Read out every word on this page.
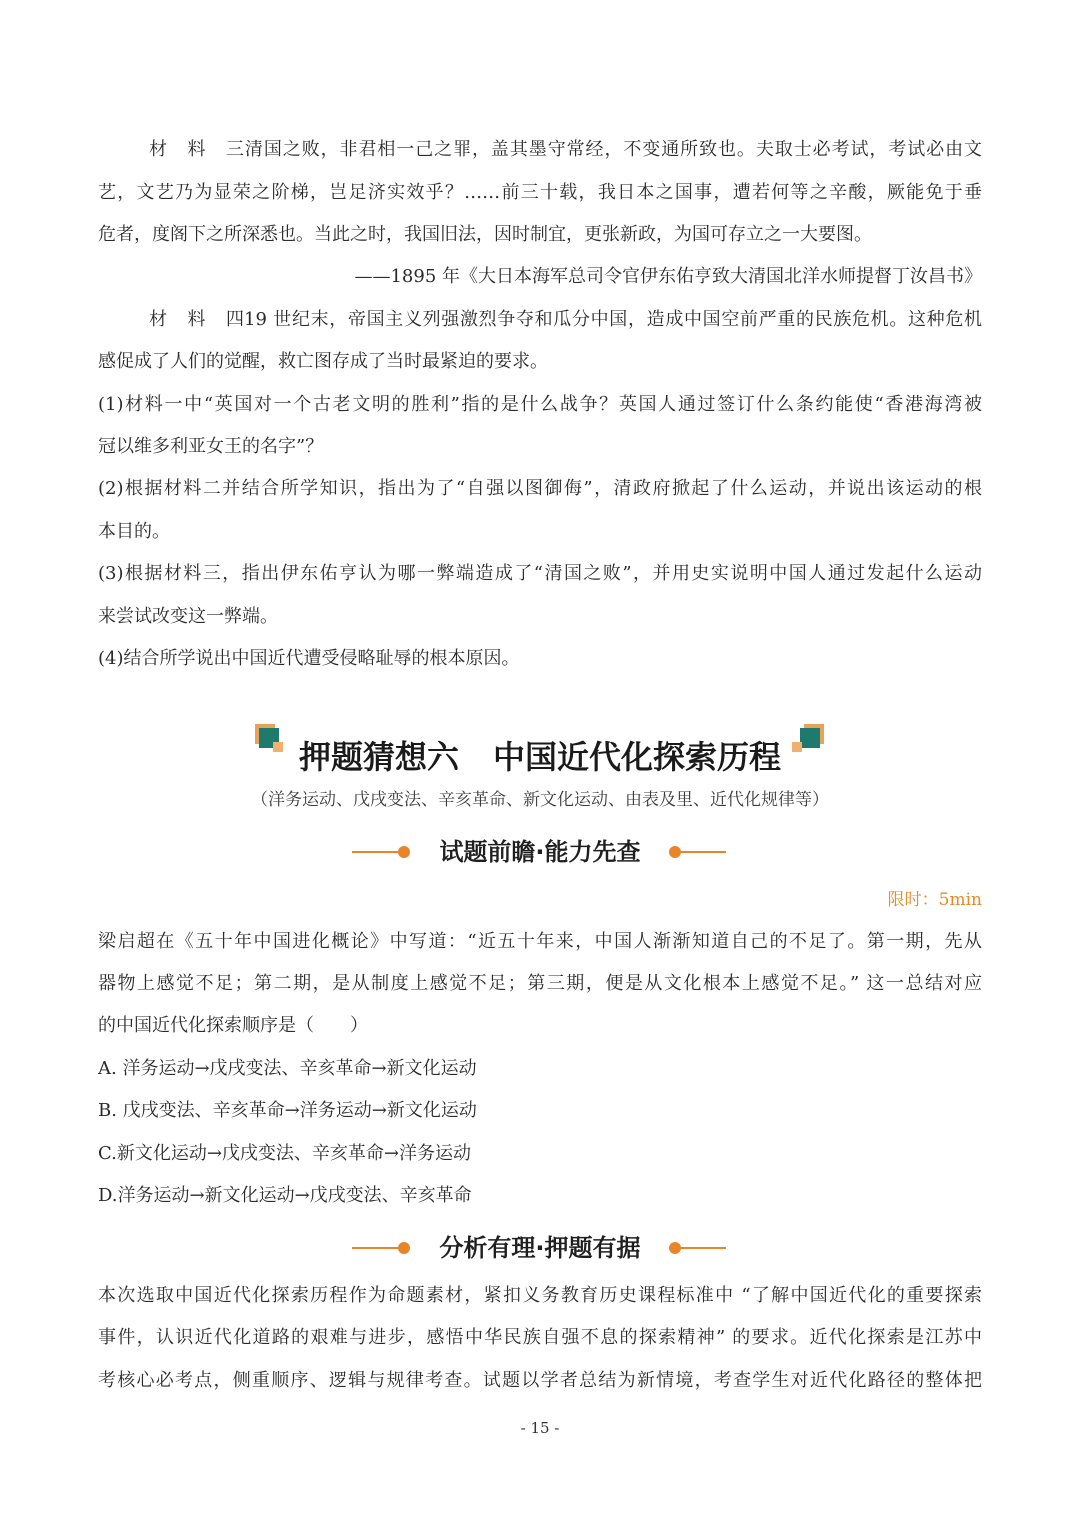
材料三清国之败，非君相一己之罪，盖其墨守常经，不变通所致也。夫取士必考试，考试必由文
艺，文艺乃为显荣之阶梯，岂足济实效乎？……前三十载，我日本之国事，遭若何等之辛酸，厥能免于垂
危者，度阁下之所深悉也。当此之时，我国旧法，因时制宜，更张新政，为国可存立之一大要图。
——1895 年《大日本海军总司令官伊东佑亨致大清国北洋水师提督丁汝昌书》
材料四19 世纪末，帝国主义列强激烈争夺和瓜分中国，造成中国空前严重的民族危机。这种危机
感促成了人们的觉醒，救亡图存成了当时最紧迫的要求。
(1)材料一中“英国对一个古老文明的胜利”指的是什么战争？英国人通过签订什么条约能使“香港海湾被
冠以维多利亚女王的名字”？
(2)根据材料二并结合所学知识，指出为了“自强以图御侮”，清政府掀起了什么运动，并说出该运动的根
本目的。
(3)根据材料三，指出伊东佑亨认为哪一弊端造成了“清国之败”，并用史实说明中国人通过发起什么运动
来尝试改变这一弊端。
(4)结合所学说出中国近代遭受侵略耻辱的根本原因。
押题猜想六 中国近代化探索历程
（洋务运动、戊戌变法、辛亥革命、新文化运动、由表及里、近代化规律等）
试题前瞻·能力先查
限时：5min
梁启超在《五十年中国进化概论》中写道：“近五十年来，中国人渐渐知道自己的不足了。第一期，先从
器物上感觉不足；第二期，是从制度上感觉不足；第三期，便是从文化根本上感觉不足。” 这一总结对应
的中国近代化探索顺序是（　　）
A. 洋务运动→戊戌变法、辛亥革命→新文化运动
B. 戊戌变法、辛亥革命→洋务运动→新文化运动
C.新文化运动→戊戌变法、辛亥革命→洋务运动
D.洋务运动→新文化运动→戊戌变法、辛亥革命
分析有理·押题有据
本次选取中国近代化探索历程作为命题素材，紧扣义务教育历史课程标准中 “了解中国近代化的重要探索
事件，认识近代化道路的艰难与进步，感悟中华民族自强不息的探索精神” 的要求。近代化探索是江苏中
考核心必考点，侧重顺序、逻辑与规律考查。试题以学者总结为新情境，考查学生对近代化路径的整体把
- 15 -
